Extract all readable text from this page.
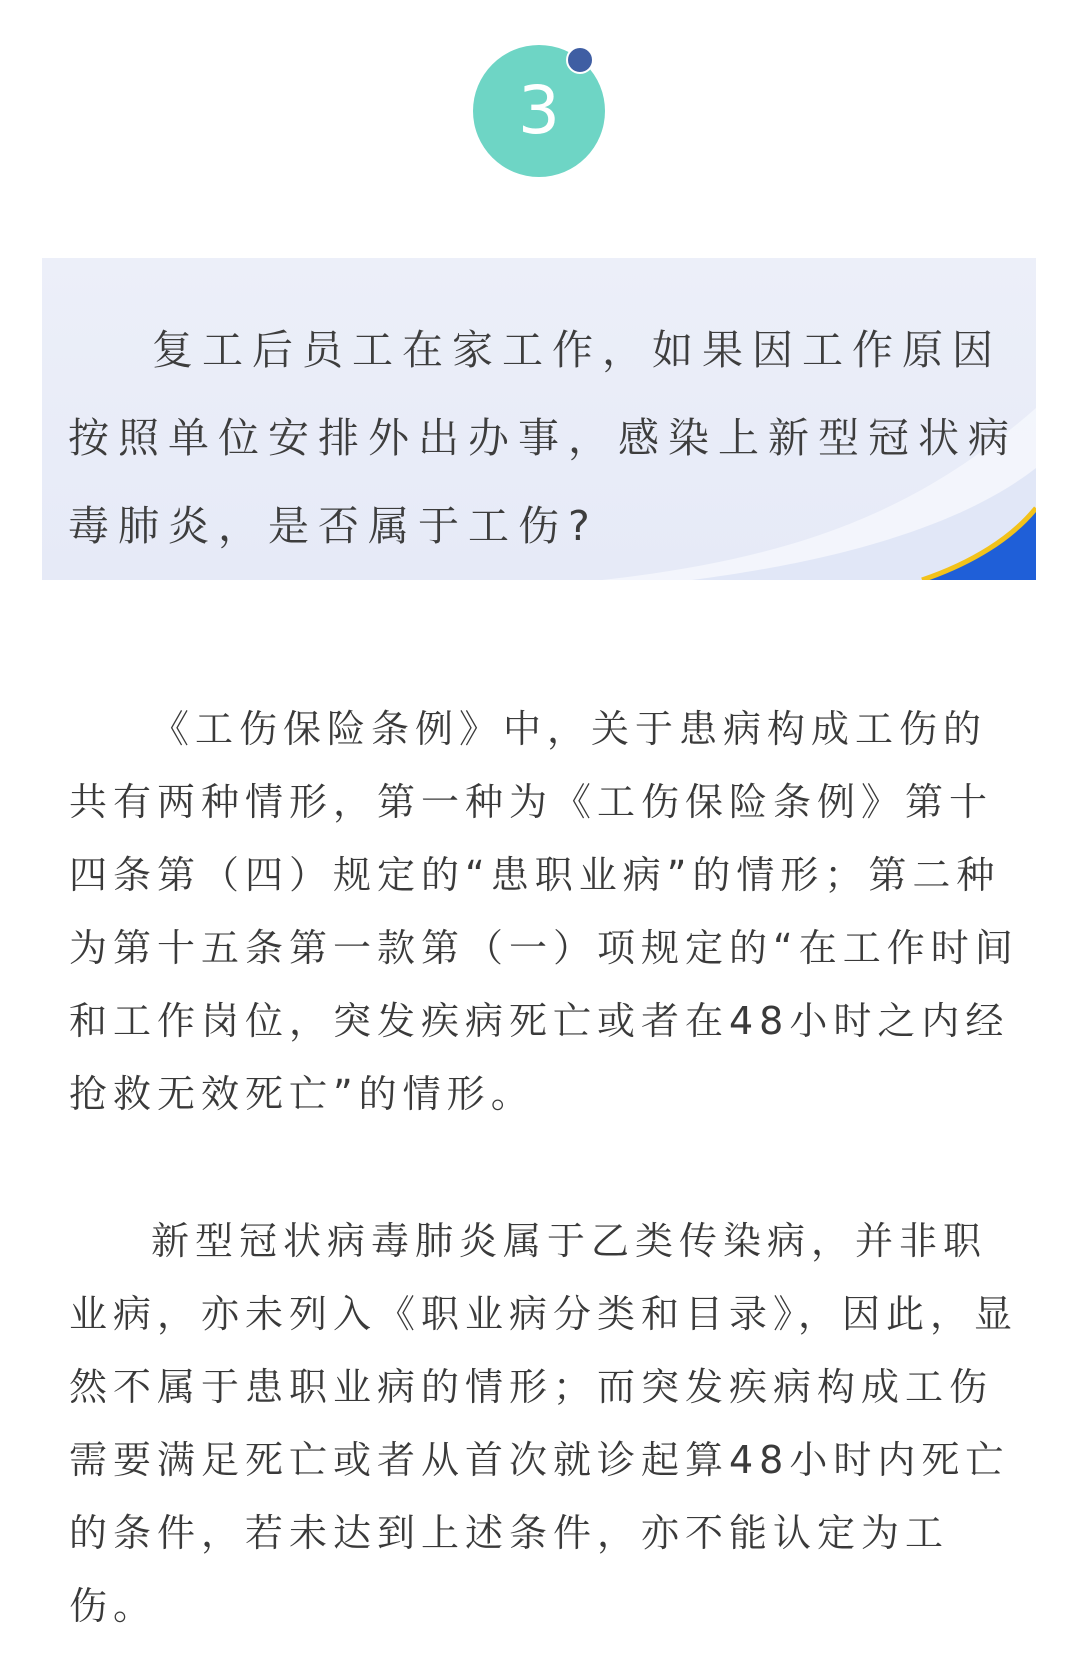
3

复工后员工在家工作，如果因工作原因按照单位安排外出办事，感染上新型冠状病毒肺炎，是否属于工伤?

《工伤保险条例》中，关于患病构成工伤的共有两种情形，第一种为《工伤保险条例》第十四条第（四）规定的“患职业病”的情形；第二种为第十五条第一款第（一）项规定的“在工作时间和工作岗位，突发疾病死亡或者在48小时之内经抢救无效死亡”的情形。

新型冠状病毒肺炎属于乙类传染病，并非职业病，亦未列入《职业病分类和目录》，因此，显然不属于患职业病的情形；而突发疾病构成工伤需要满足死亡或者从首次就诊起算48小时内死亡的条件，若未达到上述条件，亦不能认定为工伤。
